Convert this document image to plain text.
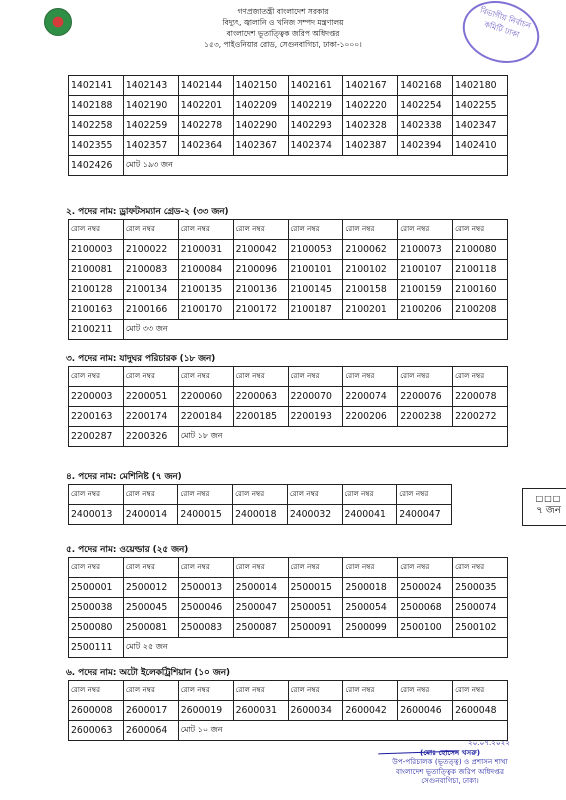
গণপ্রজাতন্ত্রী বাংলাদেশ সরকার
বিদ্যুৎ, জ্বালানি ও খনিজ সম্পদ মন্ত্রণালয়
বাংলাদেশ ভূতাত্ত্বিক জরিপ অধিদপ্তর
১৫৩, পাইওনিয়ার রোড, সেগুনবাগিচা, ঢাকা-১০০০।
বিভাগীয় নির্বাচন কমিটি ঢাকা
1402141	1402143	1402144	1402150	1402161	1402167	1402168	1402180
1402188	1402190	1402201	1402209	1402219	1402220	1402254	1402255
1402258	1402259	1402278	1402290	1402293	1402328	1402338	1402347
1402355	1402357	1402364	1402367	1402374	1402387	1402394	1402410
1402426	মোট ১৯৩ জন						
২. পদের নাম: ড্রাফটসম্যান গ্রেড-২ (৩৩ জন)
রোল নম্বর	রোল নম্বর	রোল নম্বর	রোল নম্বর	রোল নম্বর	রোল নম্বর	রোল নম্বর	রোল নম্বর
2100003	2100022	2100031	2100042	2100053	2100062	2100073	2100080
2100081	2100083	2100084	2100096	2100101	2100102	2100107	2100118
2100128	2100134	2100135	2100136	2100145	2100158	2100159	2100160
2100163	2100166	2100170	2100172	2100187	2100201	2100206	2100208
2100211	মোট ৩৩ জন						
৩. পদের নাম: যাদুঘর পরিচারক (১৮ জন)
রোল নম্বর	রোল নম্বর	রোল নম্বর	রোল নম্বর	রোল নম্বর	রোল নম্বর	রোল নম্বর	রোল নম্বর
2200003	2200051	2200060	2200063	2200070	2200074	2200076	2200078
2200163	2200174	2200184	2200185	2200193	2200206	2200238	2200272
2200287	2200326	মোট ১৮ জন					
৪. পদের নাম: মেশিনিষ্ট (৭ জন)
রোল নম্বর	রোল নম্বর	রোল নম্বর	রোল নম্বর	রোল নম্বর	রোল নম্বর	রোল নম্বর
2400013	2400014	2400015	2400018	2400032	2400041	2400047
□□□
৭ জন
৫. পদের নাম: ওয়েল্ডার (২৫ জন)
রোল নম্বর	রোল নম্বর	রোল নম্বর	রোল নম্বর	রোল নম্বর	রোল নম্বর	রোল নম্বর	রোল নম্বর
2500001	2500012	2500013	2500014	2500015	2500018	2500024	2500035
2500038	2500045	2500046	2500047	2500051	2500054	2500068	2500074
2500080	2500081	2500083	2500087	2500091	2500099	2500100	2500102
2500111	মোট ২৫ জন						
৬. পদের নাম: অটো ইলেকট্রিশিয়ান (১০ জন)
রোল নম্বর	রোল নম্বর	রোল নম্বর	রোল নম্বর	রোল নম্বর	রোল নম্বর	রোল নম্বর	রোল নম্বর
2600008	2600017	2600019	2600031	2600034	2600042	2600046	2600048
2600063	2600064	মোট ১০ জন					
২০.০৭.২০২২
(মোঃ হোসেন খসরু)
উপ-পরিচালক (ভূতত্ত্ব) ও প্রশাসন শাখা
বাংলাদেশ ভূতাত্ত্বিক জরিপ অধিদপ্তর
সেগুনবাগিচা, ঢাকা।
